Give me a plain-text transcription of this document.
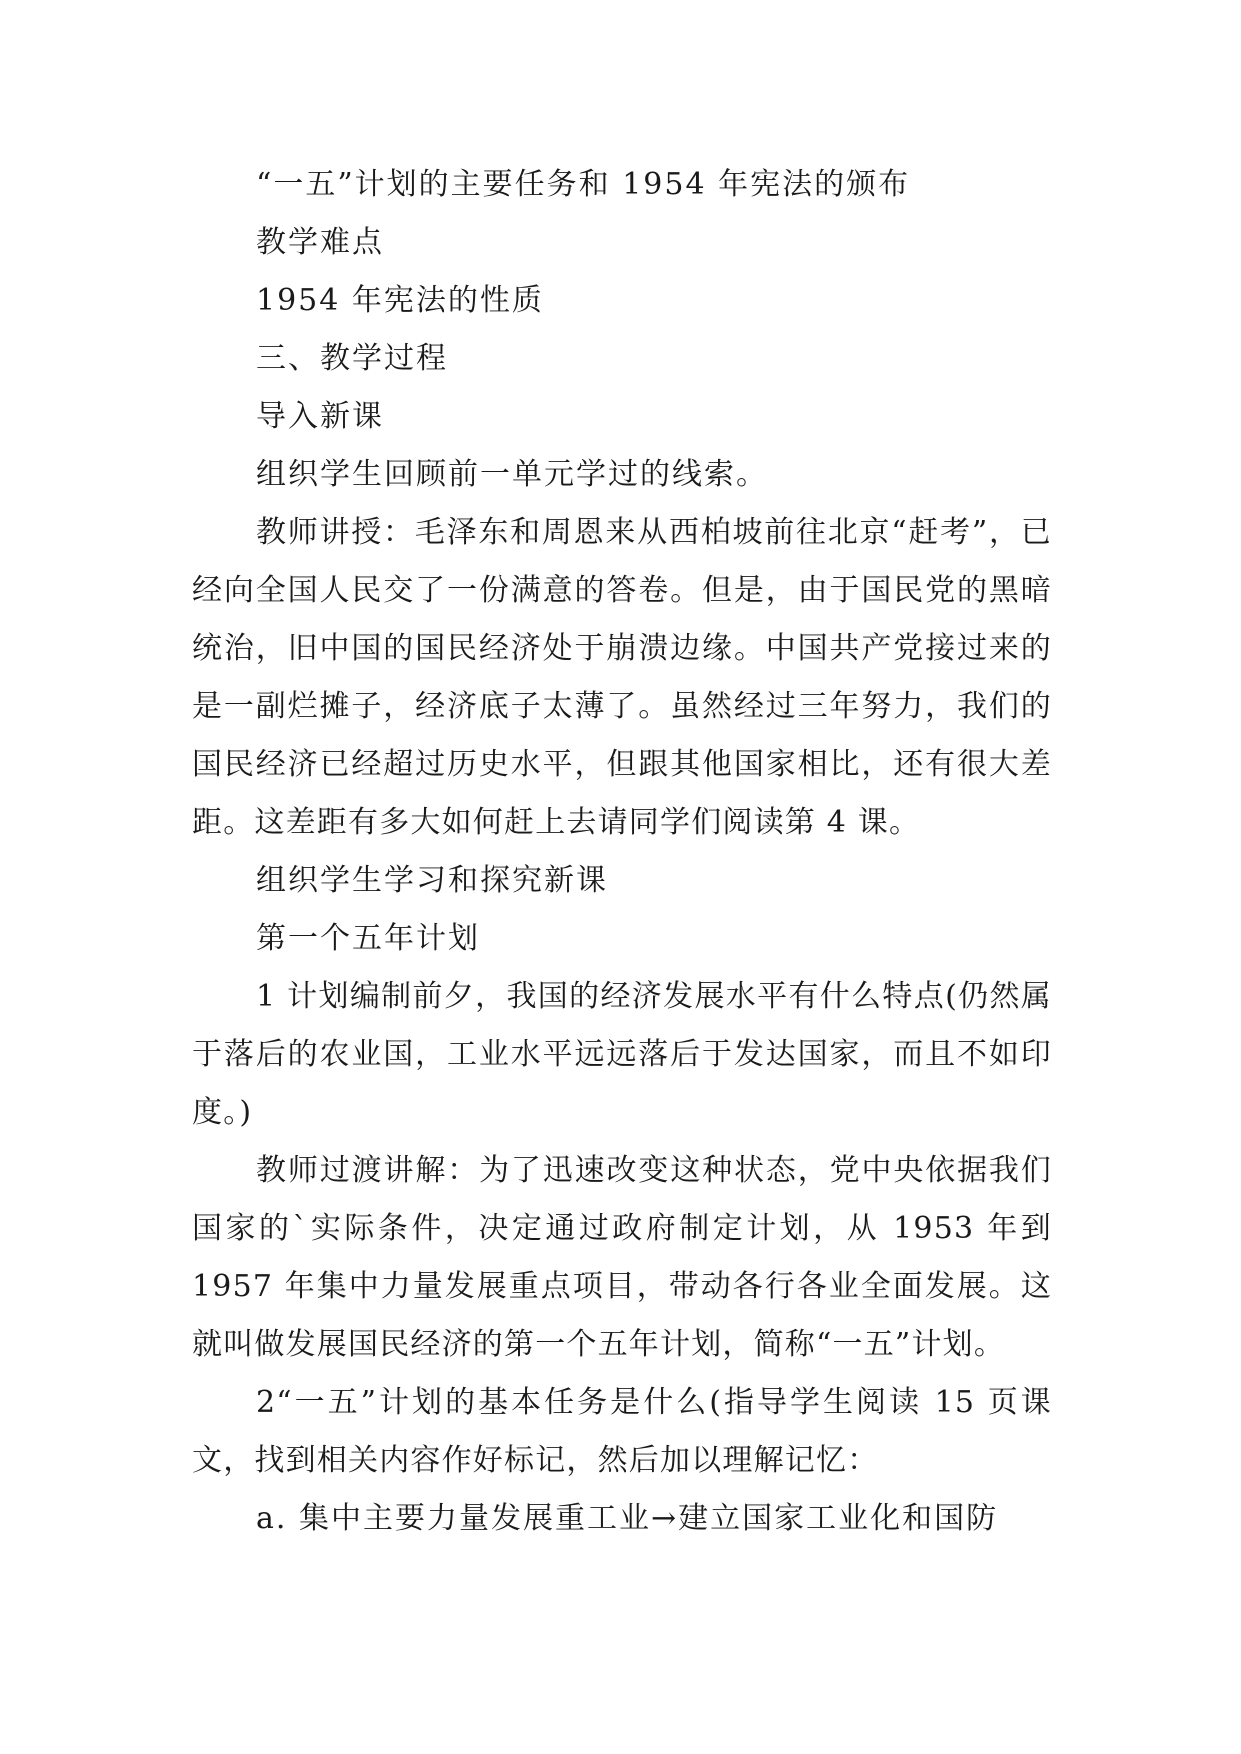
“一五”计划的主要任务和 1954 年宪法的颁布

教学难点

1954 年宪法的性质

三、教学过程

导入新课

组织学生回顾前一单元学过的线索。

教师讲授：毛泽东和周恩来从西柏坡前往北京“赶考”，已经向全国人民交了一份满意的答卷。但是，由于国民党的黑暗统治，旧中国的国民经济处于崩溃边缘。中国共产党接过来的是一副烂摊子，经济底子太薄了。虽然经过三年努力，我们的国民经济已经超过历史水平，但跟其他国家相比，还有很大差距。这差距有多大如何赶上去请同学们阅读第 4 课。

组织学生学习和探究新课

第一个五年计划

1 计划编制前夕，我国的经济发展水平有什么特点(仍然属于落后的农业国，工业水平远远落后于发达国家，而且不如印度。)

教师过渡讲解：为了迅速改变这种状态，党中央依据我们国家的`实际条件，决定通过政府制定计划，从 1953 年到 1957 年集中力量发展重点项目，带动各行各业全面发展。这就叫做发展国民经济的第一个五年计划，简称“一五”计划。

2“一五”计划的基本任务是什么(指导学生阅读 15 页课文，找到相关内容作好标记，然后加以理解记忆：

a. 集中主要力量发展重工业→建立国家工业化和国防
